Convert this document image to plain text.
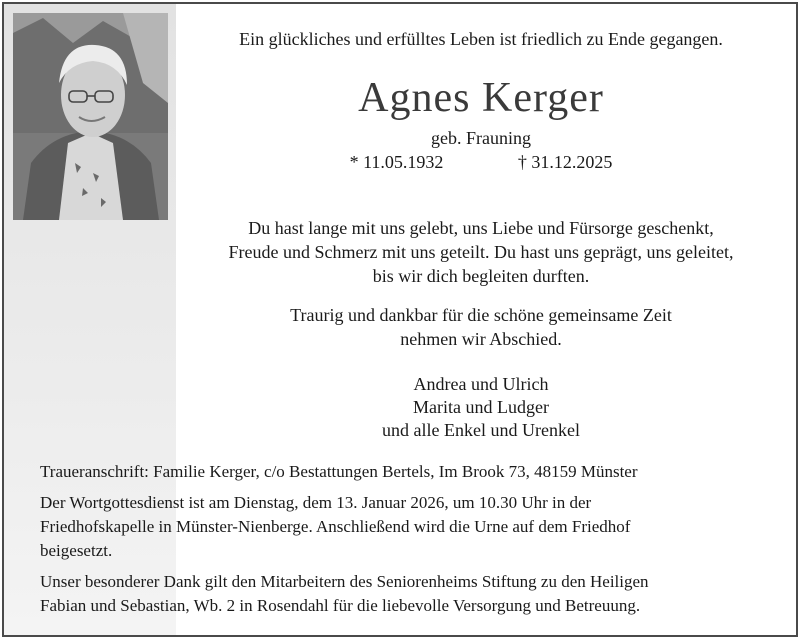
Ein glückliches und erfülltes Leben ist friedlich zu Ende gegangen.
Agnes Kerger
geb. Frauning
* 11.05.1932	† 31.12.2025
Du hast lange mit uns gelebt, uns Liebe und Fürsorge geschenkt,
Freude und Schmerz mit uns geteilt. Du hast uns geprägt, uns geleitet,
bis wir dich begleiten durften.
Traurig und dankbar für die schöne gemeinsame Zeit
nehmen wir Abschied.
Andrea und Ulrich
Marita und Ludger
und alle Enkel und Urenkel
Traueranschrift: Familie Kerger, c/o Bestattungen Bertels, Im Brook 73, 48159 Münster
Der Wortgottesdienst ist am Dienstag, dem 13. Januar 2026, um 10.30 Uhr in der
Friedhofskapelle in Münster-Nienberge. Anschließend wird die Urne auf dem Friedhof
beigesetzt.
Unser besonderer Dank gilt den Mitarbeitern des Seniorenheims Stiftung zu den Heiligen
Fabian und Sebastian, Wb. 2 in Rosendahl für die liebevolle Versorgung und Betreuung.
